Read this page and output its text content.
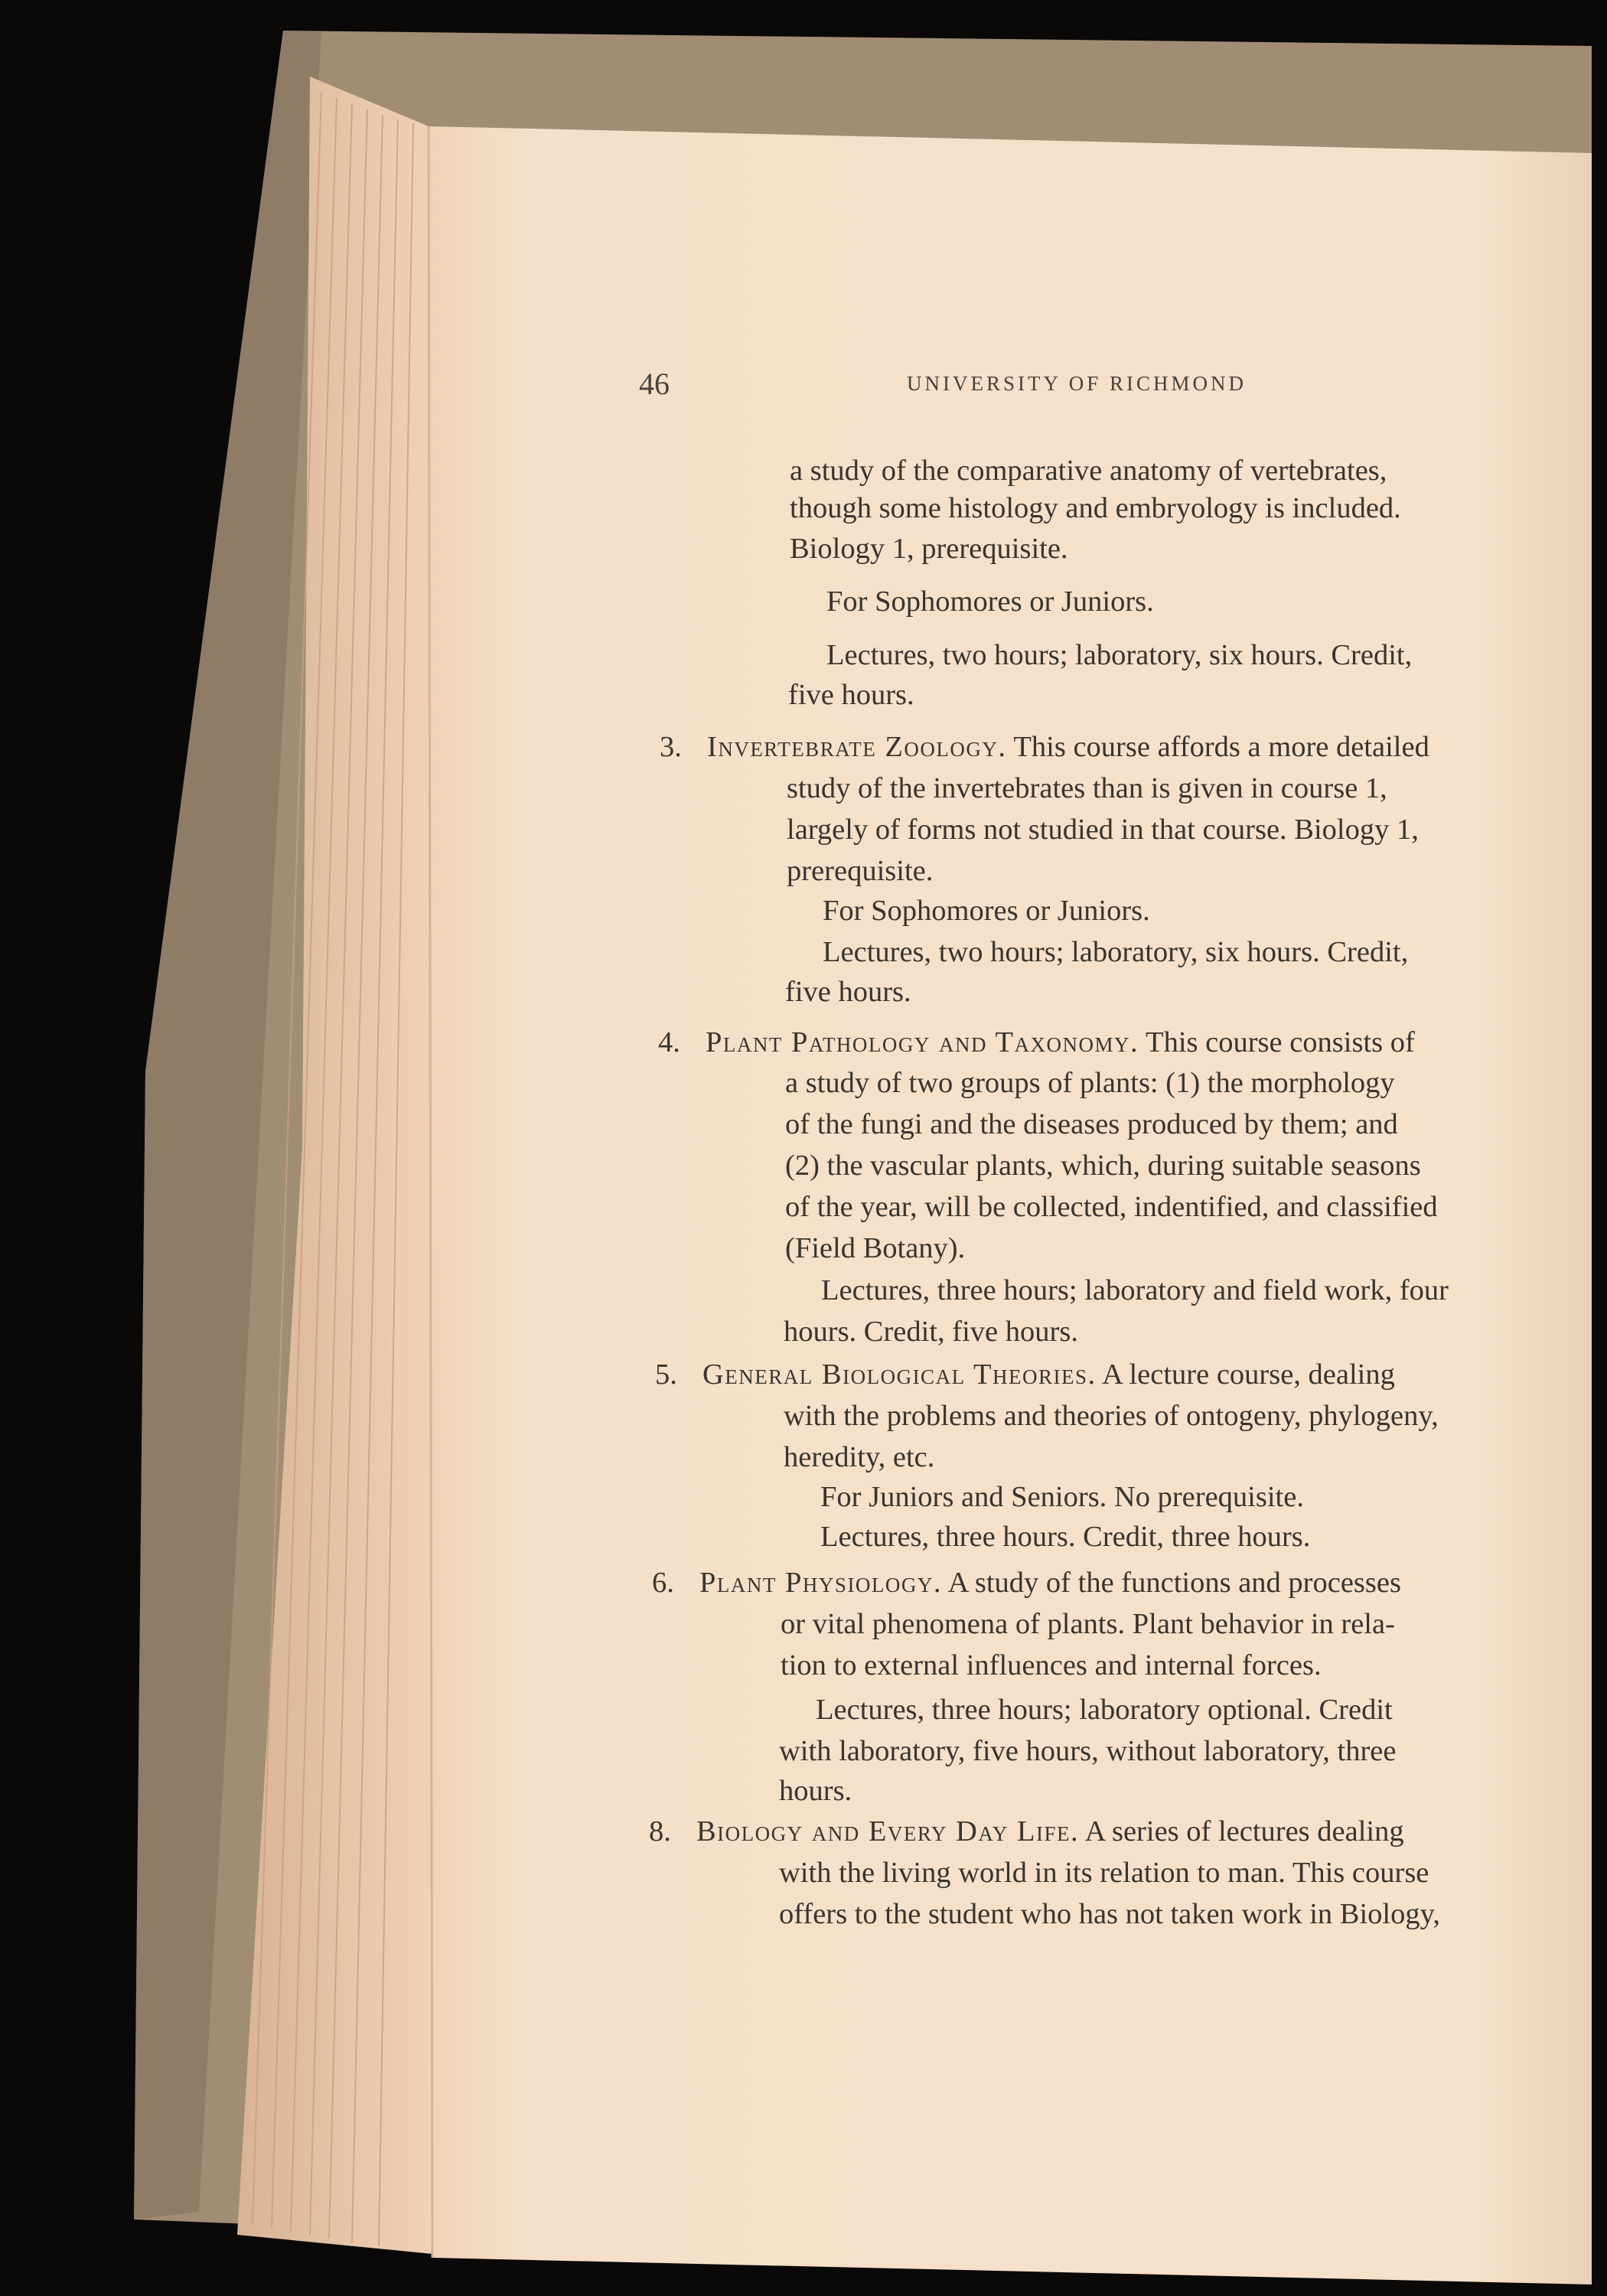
46	UNIVERSITY OF RICHMOND
a study of the comparative anatomy of vertebrates,
though some histology and embryology is included.
Biology 1, prerequisite.
For Sophomores or Juniors.
Lectures, two hours; laboratory, six hours. Credit,
five hours.
3. Invertebrate Zoology. This course affords a more detailed
study of the invertebrates than is given in course 1,
largely of forms not studied in that course. Biology 1,
prerequisite.
For Sophomores or Juniors.
Lectures, two hours; laboratory, six hours. Credit,
five hours.
4. Plant Pathology and Taxonomy. This course consists of
a study of two groups of plants: (1) the morphology
of the fungi and the diseases produced by them; and
(2) the vascular plants, which, during suitable seasons
of the year, will be collected, indentified, and classified
(Field Botany).
Lectures, three hours; laboratory and field work, four
hours. Credit, five hours.
5. General Biological Theories. A lecture course, dealing
with the problems and theories of ontogeny, phylogeny,
heredity, etc.
For Juniors and Seniors. No prerequisite.
Lectures, three hours. Credit, three hours.
6. Plant Physiology. A study of the functions and processes
or vital phenomena of plants. Plant behavior in rela-
tion to external influences and internal forces.
Lectures, three hours; laboratory optional. Credit
with laboratory, five hours, without laboratory, three
hours.
8. Biology and Every Day Life. A series of lectures dealing
with the living world in its relation to man. This course
offers to the student who has not taken work in Biology,
